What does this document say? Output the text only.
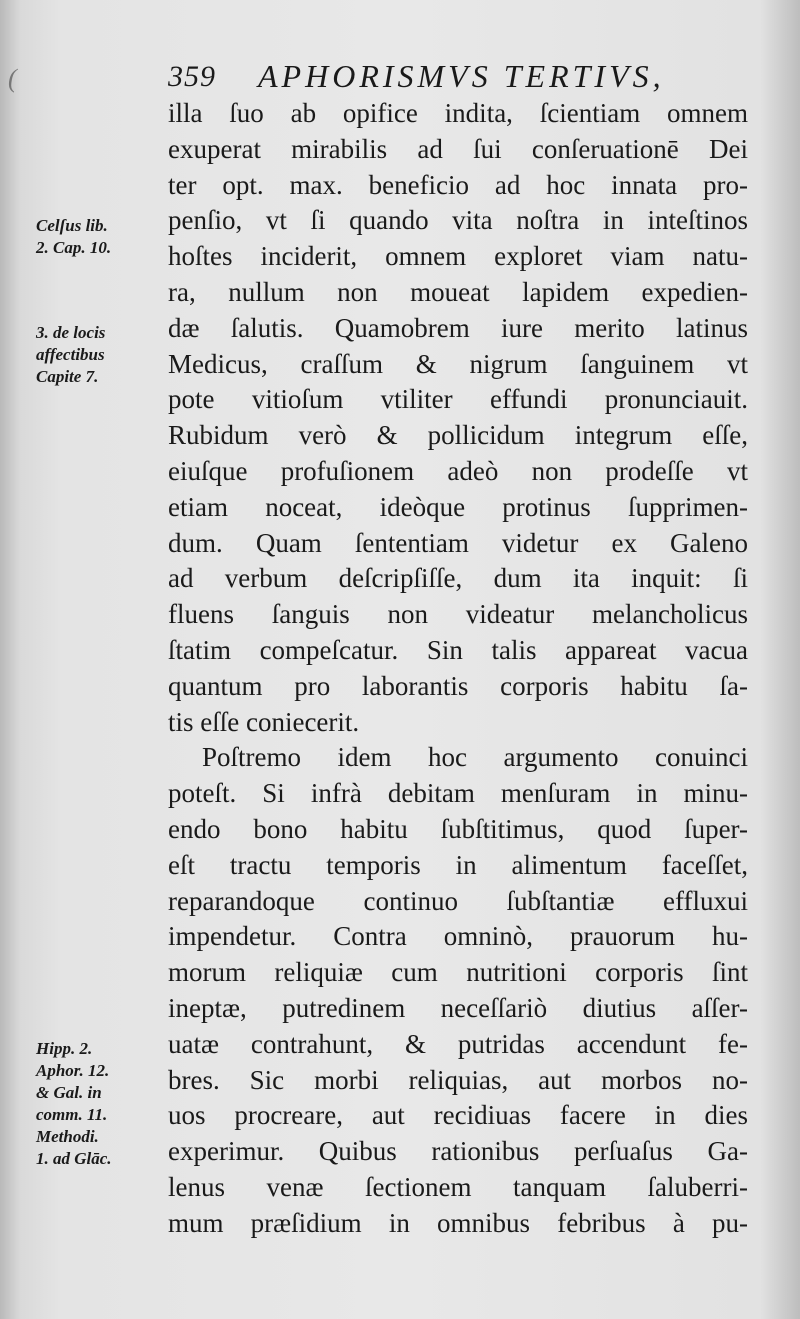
(	359 APHORISMVS TERTIVS,
Celſus lib.
2. Cap. 10.
3. de locis
affectibus
Capite 7.
Hipp. 2.
Aphor. 12.
& Gal. in
comm. 11.
Methodi.
1. ad Glāc.
illa ſuo ab opifice indita, ſcientiam omnem
exuperat mirabilis ad ſui conſeruationē Dei
ter opt. max. beneficio ad hoc innata pro-
penſio, vt ſi quando vita noſtra in inteſtinos
hoſtes inciderit, omnem exploret viam natu-
ra, nullum non moueat lapidem expedien-
dæ ſalutis. Quamobrem iure merito latinus
Medicus, craſſum & nigrum ſanguinem vt
pote vitioſum vtiliter effundi pronunciauit.
Rubidum verò & pollicidum integrum eſſe,
eiuſque profuſionem adeò non prodeſſe vt
etiam noceat, ideòque protinus ſupprimen-
dum. Quam ſententiam videtur ex Galeno
ad verbum deſcripſiſſe, dum ita inquit: ſi
fluens ſanguis non videatur melancholicus
ſtatim compeſcatur. Sin talis appareat vacua
quantum pro laborantis corporis habitu ſa-
tis eſſe coniecerit.
Poſtremo idem hoc argumento conuinci
poteſt. Si infrà debitam menſuram in minu-
endo bono habitu ſubſtitimus, quod ſuper-
eſt tractu temporis in alimentum faceſſet,
reparandoque continuo ſubſtantiæ effluxui
impendetur. Contra omninò, prauorum hu-
morum reliquiæ cum nutritioni corporis ſint
ineptæ, putredinem neceſſariò diutius aſſer-
uatæ contrahunt, & putridas accendunt fe-
bres. Sic morbi reliquias, aut morbos no-
uos procreare, aut recidiuas facere in dies
experimur. Quibus rationibus perſuaſus Ga-
lenus venæ ſectionem tanquam ſaluberri-
mum præſidium in omnibus febribus à pu-
